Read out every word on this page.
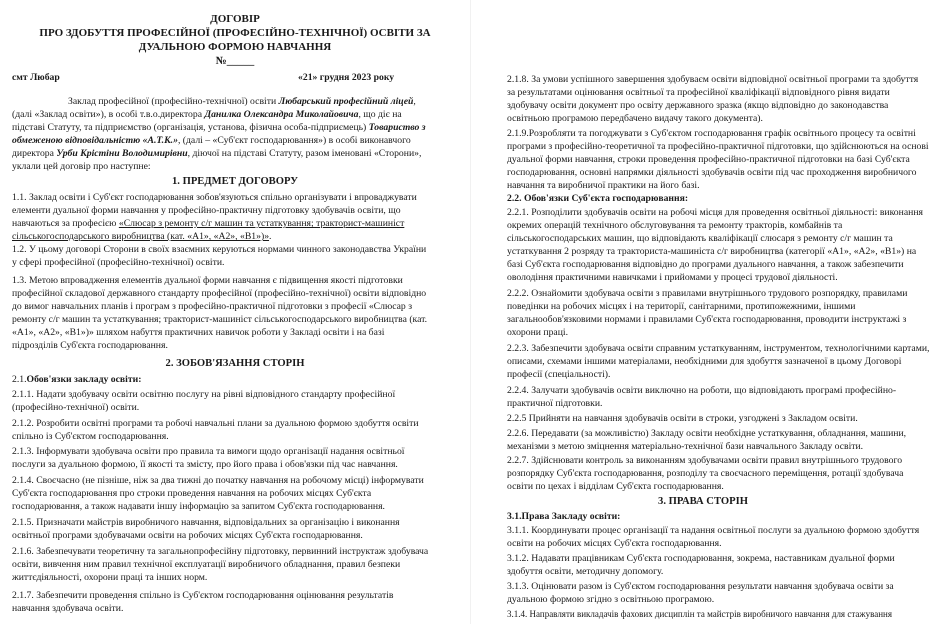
ДОГОВІР
ПРО ЗДОБУТТЯ ПРОФЕСІЙНОЇ (ПРОФЕСІЙНО-ТЕХНІЧНОЇ) ОСВІТИ ЗА
ДУАЛЬНОЮ ФОРМОЮ НАВЧАННЯ
№_____
смт Любар	«21» грудня 2023 року
Заклад професійної (професійно-технічної) освіти Любарський професійний ліцей,
(далі «Заклад освіти»), в особі т.в.о.директора Данилка Олександра Миколайовича, що діє на
підставі Статуту, та підприємство (організація, установа, фізична особа-підприємець) Товариство з
обмеженою відповідальністю «А.Т.К.», (далі – «Суб'єкт господарювання») в особі виконавчого
директора Урби Крістіни Володимирівни, діючої на підставі Статуту, разом іменовані «Сторони»,
уклали цей договір про наступне:
1. ПРЕДМЕТ ДОГОВОРУ
1.1. Заклад освіти і Суб'єкт господарювання зобов'язуються спільно організувати і впроваджувати
елементи дуальної форми навчання у професійно-практичну підготовку здобувачів освіти, що
навчаються за професією «Слюсар з ремонту с/г машин та устаткування; тракторист-машиніст
сільськогосподарського виробництва (кат. «А1», «А2», «В1»)».
1.2. У цьому договорі Сторони в своїх взаємних керуються нормами чинного законодавства України
у сфері професійної (професійно-технічної) освіти.
1.3. Метою впровадження елементів дуальної форми навчання є підвищення якості підготовки
професійної складової державного стандарту професійної (професійно-технічної) освіти відповідно
до вимог навчальних планів і програм з професійно-практичної підготовки з професії «Слюсар з
ремонту с/г машин та устаткування; тракторист-машиніст сільськогосподарського виробництва (кат.
«А1», «А2», «В1»)» шляхом набуття практичних навичок роботи у Закладі освіти і на базі
підрозділів Суб'єкта господарювання.
2. ЗОБОВ'ЯЗАННЯ СТОРІН
2.1.Обов'язки закладу освіти:
2.1.1. Надати здобувачу освіти освітню послугу на рівні відповідного стандарту професійної
(професійно-технічної) освіти.
2.1.2. Розробити освітні програми та робочі навчальні плани за дуальною формою здобуття освіти
спільно із Суб'єктом господарювання.
2.1.3. Інформувати здобувача освіти про правила та вимоги щодо організації надання освітньої
послуги за дуальною формою, її якості та змісту, про його права і обов'язки під час навчання.
2.1.4. Своєчасно (не пізніше, ніж за два тижні до початку навчання на робочому місці) інформувати
Суб'єкта господарювання про строки проведення навчання на робочих місцях Суб'єкта
господарювання, а також надавати іншу інформацію за запитом Суб'єкта господарювання.
2.1.5. Призначати майстрів виробничого навчання, відповідальних за організацію і виконання
освітньої програми здобувачами освіти на робочих місцях Суб'єкта господарювання.
2.1.6. Забезпечувати теоретичну та загальнопрофесійну підготовку, первинний інструктаж здобувача
освіти, вивчення ним правил технічної експлуатації виробничого обладнання, правил безпеки
життєдіяльності, охорони праці та інших норм.
2.1.7. Забезпечити проведення спільно із Суб'єктом господарювання оцінювання результатів
навчання здобувача освіти.
2.1.8. За умови успішного завершення здобуваєм освіти відповідної освітньої програми та здобуття
за результатами оцінювання освітньої та професійної кваліфікації відповідного рівня видати
здобувачу освіти документ про освіту державного зразка (якщо відповідно до законодавства
освітньою програмою передбачено видачу такого документа).
2.1.9.Розробляти та погоджувати з Суб'єктом господарювання графік освітнього процесу та освітні
програми з професійно-теоретичної та професійно-практичної підготовки, що здійснюються на основі
дуальної форми навчання, строки проведення професійно-практичної підготовки на базі Суб'єкта
господарювання, основні напрямки діяльності здобувачів освіти під час проходження виробничого
навчання та виробничої практики на його базі.
2.2. Обов'язки Суб'єкта господарювання:
2.2.1. Розподілити здобувачів освіти на робочі місця для проведення освітньої діяльності: виконання
окремих операцій технічного обслуговування та ремонту тракторів, комбайнів та
сільськогосподарських машин, що відповідають кваліфікації слюсаря з ремонту с/г машин та
устаткування 2 розряду та тракториста-машиніста с/г виробництва (категорії «А1», «А2», «В1») на
базі Суб'єкта господарювання відповідно до програми дуального навчання, а також забезпечити
оволодіння практичними навичками і прийомами у процесі трудової діяльності.
2.2.2. Ознайомити здобувача освіти з правилами внутрішнього трудового розпорядку, правилами
поведінки на робочих місцях і на території, санітарними, протипожежними, іншими
загальнообов'язковими нормами і правилами Суб'єкта господарювання, проводити інструктажі з
охорони праці.
2.2.3. Забезпечити здобувача освіти справним устаткуванням, інструментом, технологічними картами,
описами, схемами іншими матеріалами, необхідними для здобуття зазначеної в цьому Договорі
професії (спеціальності).
2.2.4. Залучати здобувачів освіти виключно на роботи, що відповідають програмі професійно-
практичної підготовки.
2.2.5 Прийняти на навчання здобувачів освіти в строки, узгоджені з Закладом освіти.
2.2.6. Передавати (за можливістю) Закладу освіти необхідне устаткування, обладнання, машини,
механізми з метою зміцнення матеріально-технічної бази навчального Закладу освіти.
2.2.7. Здійснювати контроль за виконанням здобувачами освіти правил внутрішнього трудового
розпорядку Суб'єкта господарювання, розподілу та своєчасного переміщення, ротації здобувача
освіти по цехах і відділам Суб'єкта господарювання.
3. ПРАВА СТОРІН
3.1.Права Закладу освіти:
3.1.1. Координувати процес організації та надання освітньої послуги за дуальною формою здобуття
освіти на робочих місцях Суб'єкта господарювання.
3.1.2. Надавати працівникам Суб'єкта господарювання, зокрема, наставникам дуальної форми
здобуття освіти, методичну допомогу.
3.1.3. Оцінювати разом із Суб'єктом господарювання результати навчання здобувача освіти за
дуальною формою згідно з освітньою програмою.
3.1.4. Направляти викладачів фахових дисциплін та майстрів виробничого навчання для стажування
